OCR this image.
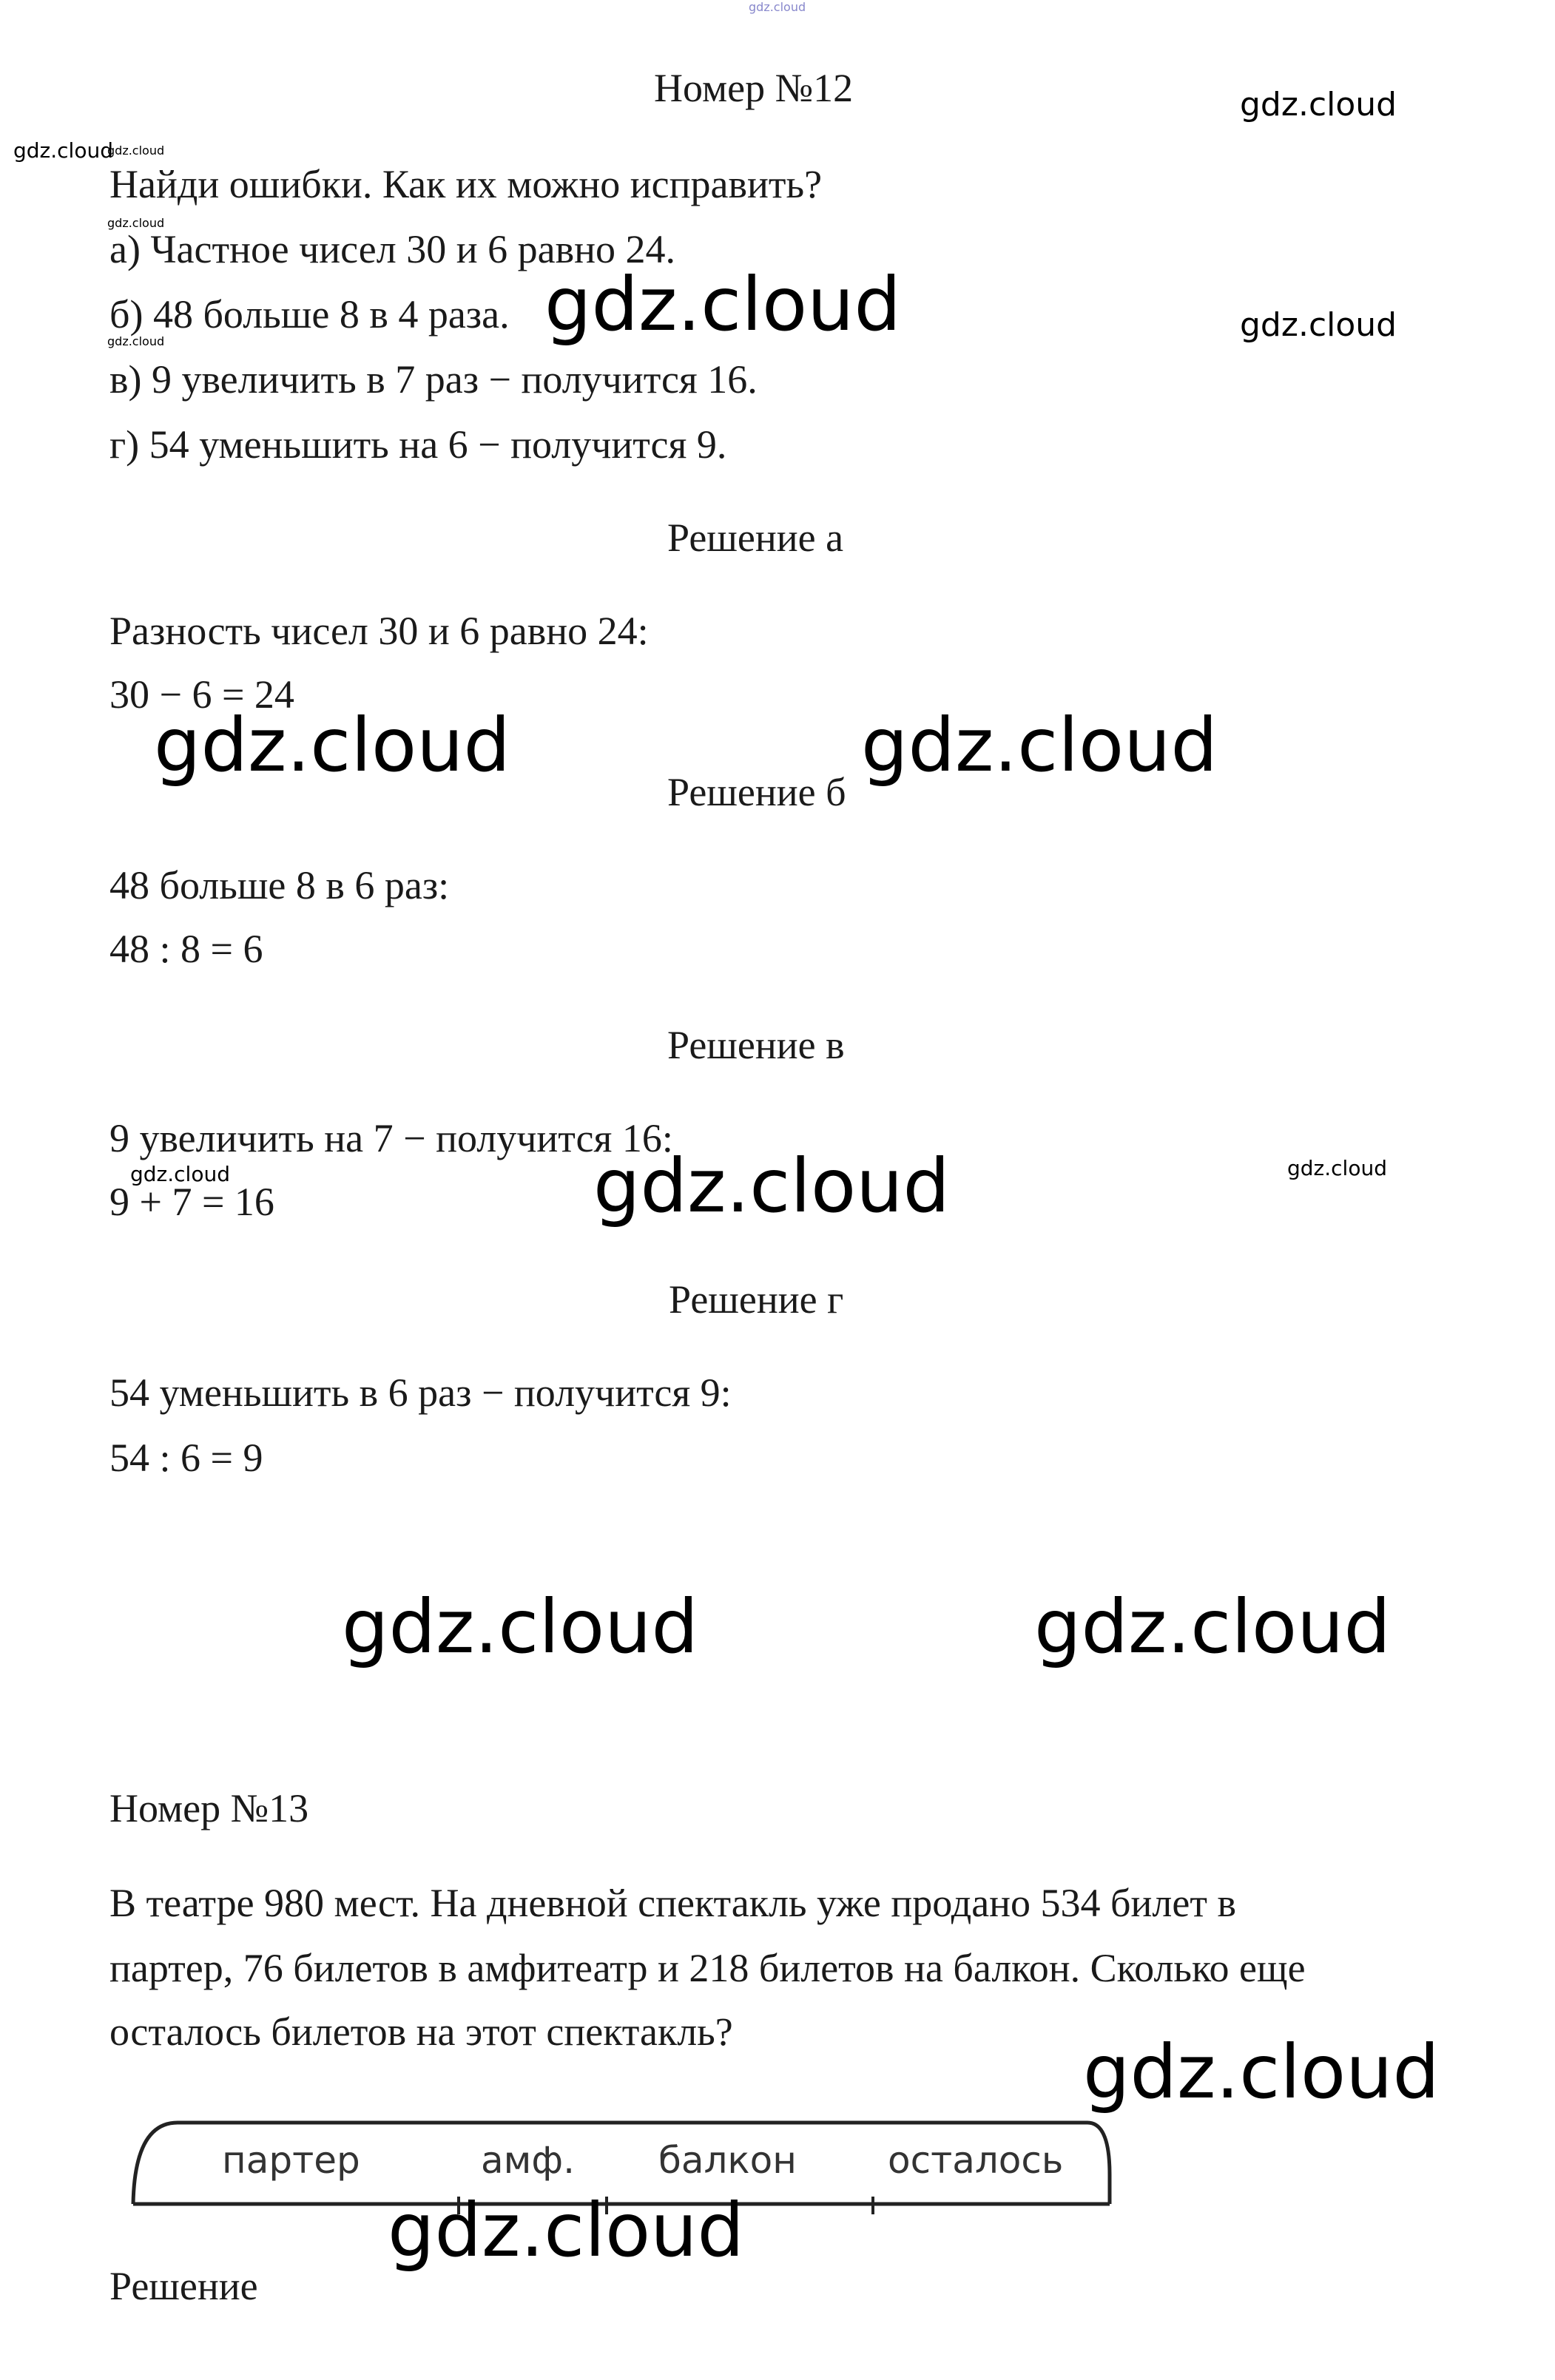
gdz.cloud
Номер №12
gdz.cloud
Найди ошибки. Как их можно исправить?
gdz.cloud
gdz.cloud
а) Частное чисел 30 и 6 равно 24.
б) 48 больше 8 в 4 раза.
gdz.cloud
в) 9 увеличить в 7 раз − получится 16.
г) 54 уменьшить на 6 − получится 9.
gdz.cloud
gdz.cloud	gdz.cloud
Решение а
Разность чисел 30 и 6 равно 24:
30 − 6 = 24
gdz.cloud
Решение б
gdz.cloud
48 больше 8 в 6 раз:
48 : 8 = 6
Решение в
9 увеличить на 7 − получится 16:
gdz.cloud
9 + 7 = 16	gdz.cloud	gdz.cloud
Решение г
54 уменьшить в 6 раз − получится 9:
54 : 6 = 9
gdz.cloud	gdz.cloud
Номер №13
В театре 980 мест. На дневной спектакль уже продано 534 билет в
партер, 76 билетов в амфитеатр и 218 билетов на балкон. Сколько еще
осталось билетов на этот спектакль?	gdz.cloud
партер	амф. балкон осталось
gdz.cloud
Решение
